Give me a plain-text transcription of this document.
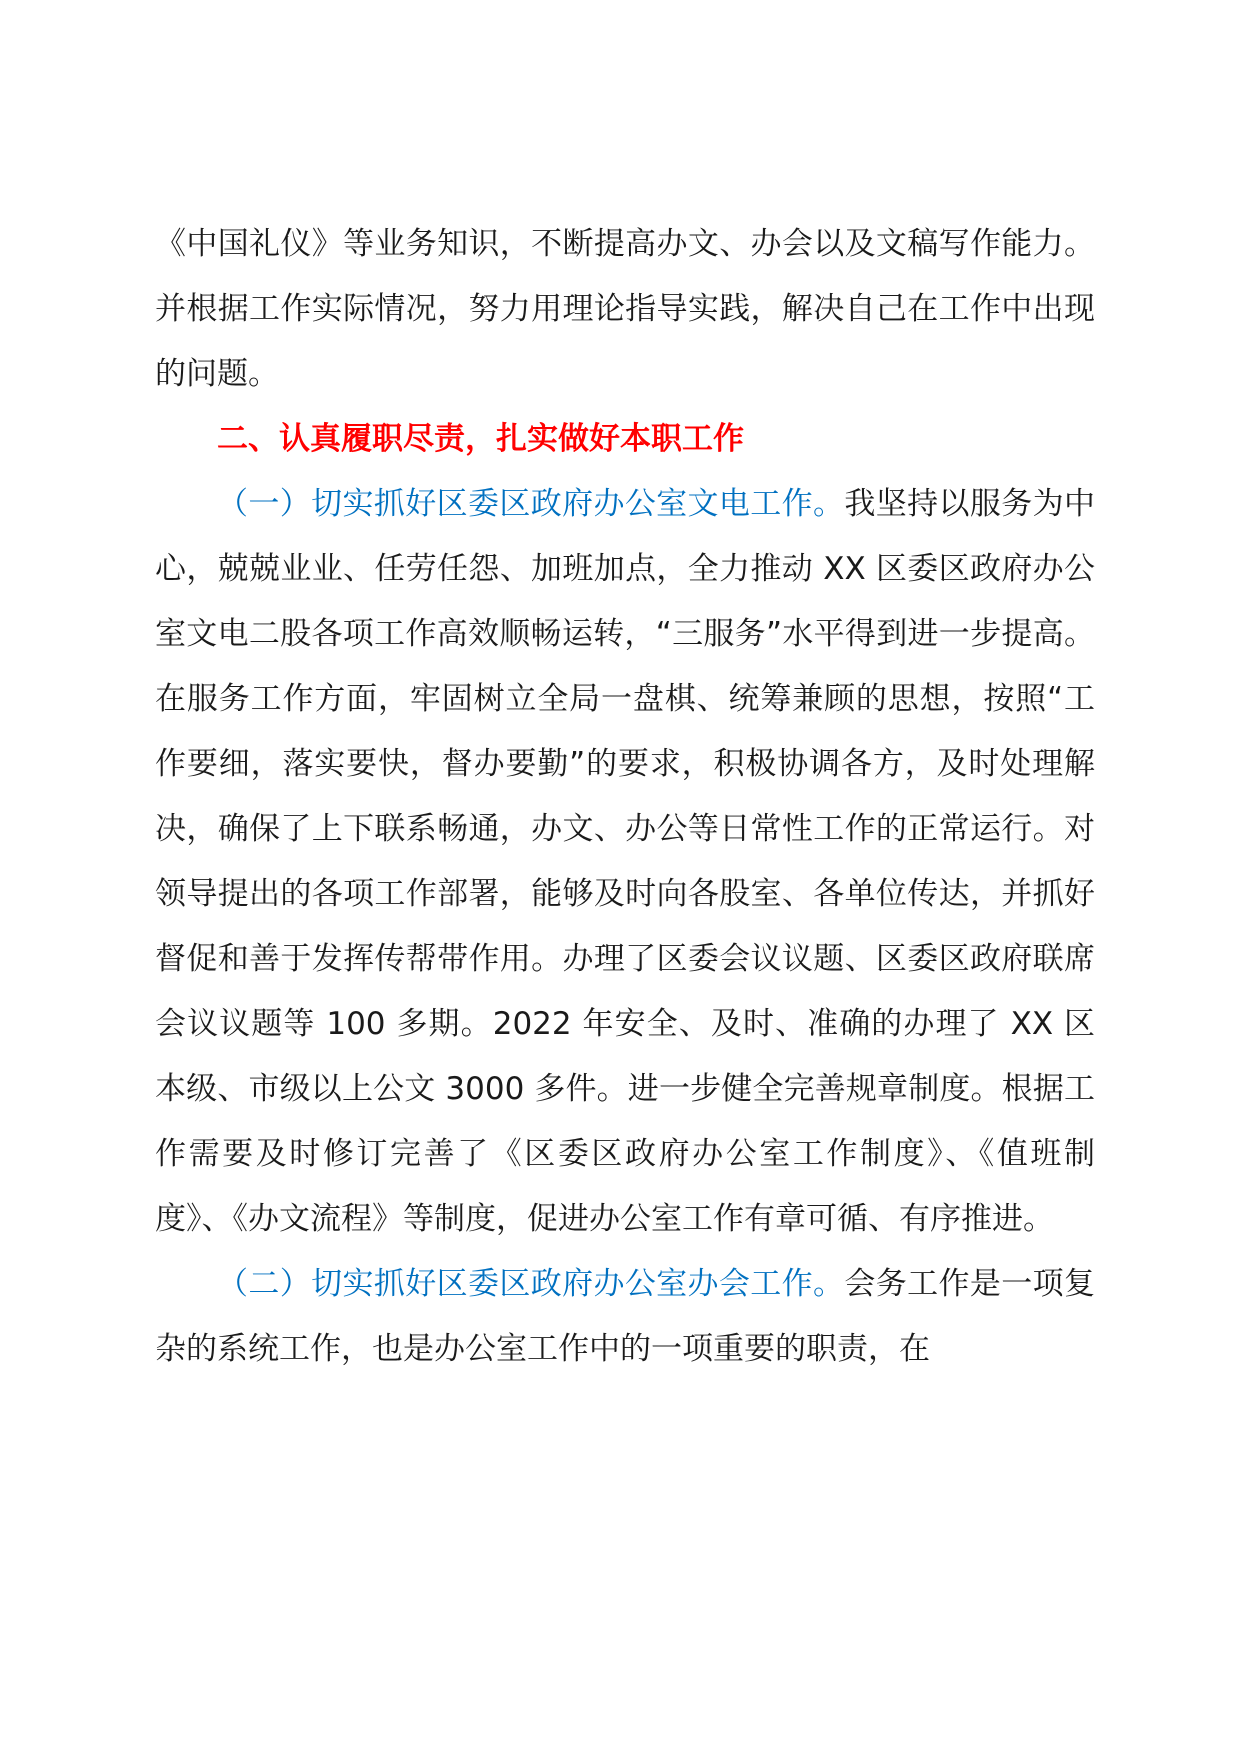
《中国礼仪》等业务知识，不断提高办文、办会以及文稿写作能力。并根据工作实际情况，努力用理论指导实践，解决自己在工作中出现的问题。

二、认真履职尽责，扎实做好本职工作

（一）切实抓好区委区政府办公室文电工作。我坚持以服务为中心，兢兢业业、任劳任怨、加班加点，全力推动 XX 区委区政府办公室文电二股各项工作高效顺畅运转，“三服务”水平得到进一步提高。在服务工作方面，牢固树立全局一盘棋、统筹兼顾的思想，按照“工作要细，落实要快，督办要勤”的要求，积极协调各方，及时处理解决，确保了上下联系畅通，办文、办公等日常性工作的正常运行。对领导提出的各项工作部署，能够及时向各股室、各单位传达，并抓好督促和善于发挥传帮带作用。办理了区委会议议题、区委区政府联席会议议题等 100 多期。2022 年安全、及时、准确的办理了 XX 区本级、市级以上公文 3000 多件。进一步健全完善规章制度。根据工作需要及时修订完善了《区委区政府办公室工作制度》、《值班制度》、《办文流程》等制度，促进办公室工作有章可循、有序推进。

（二）切实抓好区委区政府办公室办会工作。会务工作是一项复杂的系统工作，也是办公室工作中的一项重要的职责，在
